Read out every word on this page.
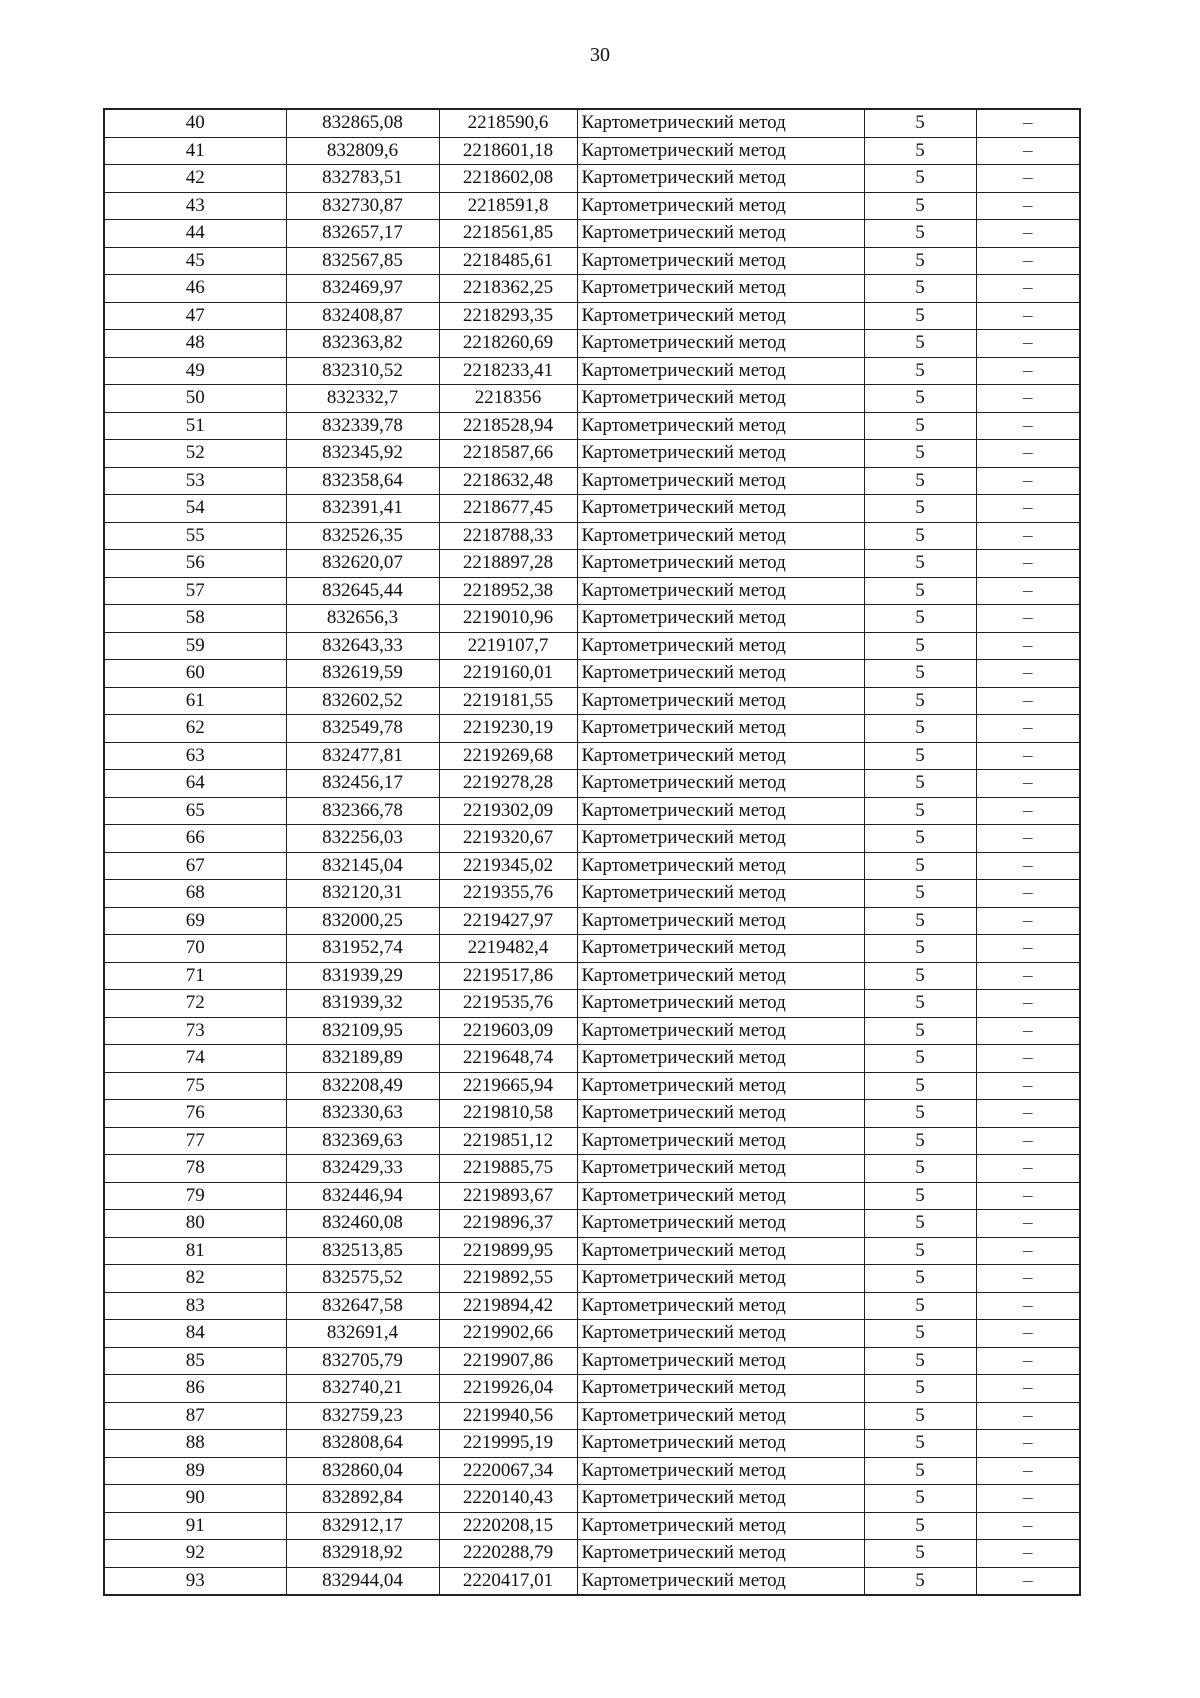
30
40	832865,08	2218590,6	Картометрический метод	5	–
41	832809,6	2218601,18	Картометрический метод	5	–
42	832783,51	2218602,08	Картометрический метод	5	–
43	832730,87	2218591,8	Картометрический метод	5	–
44	832657,17	2218561,85	Картометрический метод	5	–
45	832567,85	2218485,61	Картометрический метод	5	–
46	832469,97	2218362,25	Картометрический метод	5	–
47	832408,87	2218293,35	Картометрический метод	5	–
48	832363,82	2218260,69	Картометрический метод	5	–
49	832310,52	2218233,41	Картометрический метод	5	–
50	832332,7	2218356	Картометрический метод	5	–
51	832339,78	2218528,94	Картометрический метод	5	–
52	832345,92	2218587,66	Картометрический метод	5	–
53	832358,64	2218632,48	Картометрический метод	5	–
54	832391,41	2218677,45	Картометрический метод	5	–
55	832526,35	2218788,33	Картометрический метод	5	–
56	832620,07	2218897,28	Картометрический метод	5	–
57	832645,44	2218952,38	Картометрический метод	5	–
58	832656,3	2219010,96	Картометрический метод	5	–
59	832643,33	2219107,7	Картометрический метод	5	–
60	832619,59	2219160,01	Картометрический метод	5	–
61	832602,52	2219181,55	Картометрический метод	5	–
62	832549,78	2219230,19	Картометрический метод	5	–
63	832477,81	2219269,68	Картометрический метод	5	–
64	832456,17	2219278,28	Картометрический метод	5	–
65	832366,78	2219302,09	Картометрический метод	5	–
66	832256,03	2219320,67	Картометрический метод	5	–
67	832145,04	2219345,02	Картометрический метод	5	–
68	832120,31	2219355,76	Картометрический метод	5	–
69	832000,25	2219427,97	Картометрический метод	5	–
70	831952,74	2219482,4	Картометрический метод	5	–
71	831939,29	2219517,86	Картометрический метод	5	–
72	831939,32	2219535,76	Картометрический метод	5	–
73	832109,95	2219603,09	Картометрический метод	5	–
74	832189,89	2219648,74	Картометрический метод	5	–
75	832208,49	2219665,94	Картометрический метод	5	–
76	832330,63	2219810,58	Картометрический метод	5	–
77	832369,63	2219851,12	Картометрический метод	5	–
78	832429,33	2219885,75	Картометрический метод	5	–
79	832446,94	2219893,67	Картометрический метод	5	–
80	832460,08	2219896,37	Картометрический метод	5	–
81	832513,85	2219899,95	Картометрический метод	5	–
82	832575,52	2219892,55	Картометрический метод	5	–
83	832647,58	2219894,42	Картометрический метод	5	–
84	832691,4	2219902,66	Картометрический метод	5	–
85	832705,79	2219907,86	Картометрический метод	5	–
86	832740,21	2219926,04	Картометрический метод	5	–
87	832759,23	2219940,56	Картометрический метод	5	–
88	832808,64	2219995,19	Картометрический метод	5	–
89	832860,04	2220067,34	Картометрический метод	5	–
90	832892,84	2220140,43	Картометрический метод	5	–
91	832912,17	2220208,15	Картометрический метод	5	–
92	832918,92	2220288,79	Картометрический метод	5	–
93	832944,04	2220417,01	Картометрический метод	5	–
